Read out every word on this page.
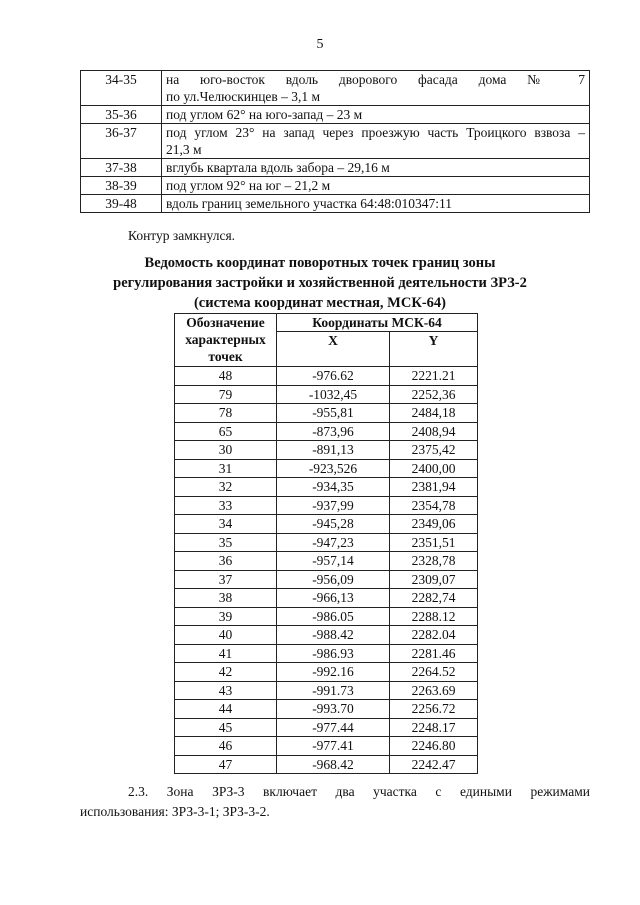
5
34-35	на юго-восток вдоль дворового фасада дома № 7
по ул.Челюскинцев – 3,1 м

35-36	под углом 62° на юго-запад – 23 м

36-37	под углом 23° на запад через проезжую часть Троицкого взвоза –
21,3 м

37-38	вглубь квартала вдоль забора – 29,16 м

38-39	под углом 92° на юг – 21,2 м

39-48	вдоль границ земельного участка 64:48:010347:11
Контур замкнулся.
Ведомость координат поворотных точек границ зоны
регулирования застройки и хозяйственной деятельности ЗРЗ-2
(система координат местная, МСК-64)
Обозначение характерных точек	Координаты МСК-64	
	X	Y
48	-976.62	2221.21
79	-1032,45	2252,36
78	-955,81	2484,18
65	-873,96	2408,94
30	-891,13	2375,42
31	-923,526	2400,00
32	-934,35	2381,94
33	-937,99	2354,78
34	-945,28	2349,06
35	-947,23	2351,51
36	-957,14	2328,78
37	-956,09	2309,07
38	-966,13	2282,74
39	-986.05	2288.12
40	-988.42	2282.04
41	-986.93	2281.46
42	-992.16	2264.52
43	-991.73	2263.69
44	-993.70	2256.72
45	-977.44	2248.17
46	-977.41	2246.80
47	-968.42	2242.47
2.3. Зона ЗРЗ-3 включает два участка с едиными режимами
использования: ЗРЗ-3-1; ЗРЗ-3-2.
